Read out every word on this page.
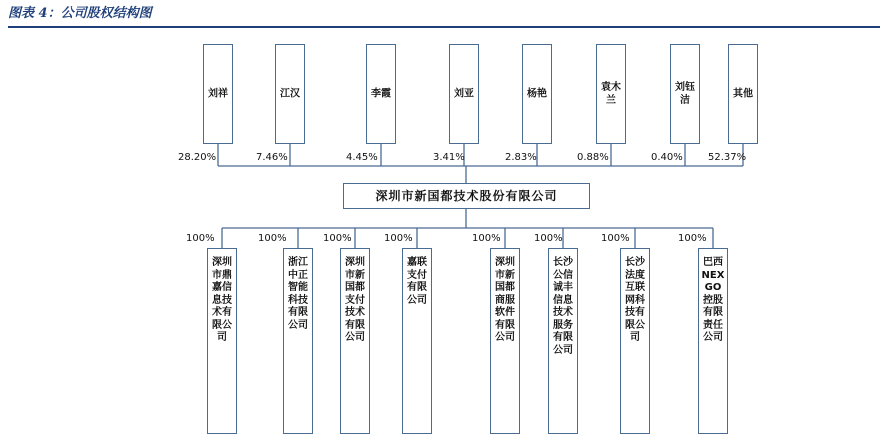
图表 4：公司股权结构图
深圳市新国都技术股份有限公司
刘祥
28.20%
江汉
7.46%
李霞
4.45%
刘亚
3.41%
杨艳
2.83%
袁木兰
0.88%
刘钰洁
0.40%
其他
52.37%
深圳市鼎嘉信息技术有限公司
100%
浙江中正智能科技有限公司
100%
深圳市新国都支付技术有限公司
100%
嘉联支付有限公司
100%
深圳市新国都商服软件有限公司
100%
长沙公信诚丰信息技术服务有限公司
100%
长沙法度互联网科技有限公司
100%
巴西NEXGO控股有限责任公司
100%
